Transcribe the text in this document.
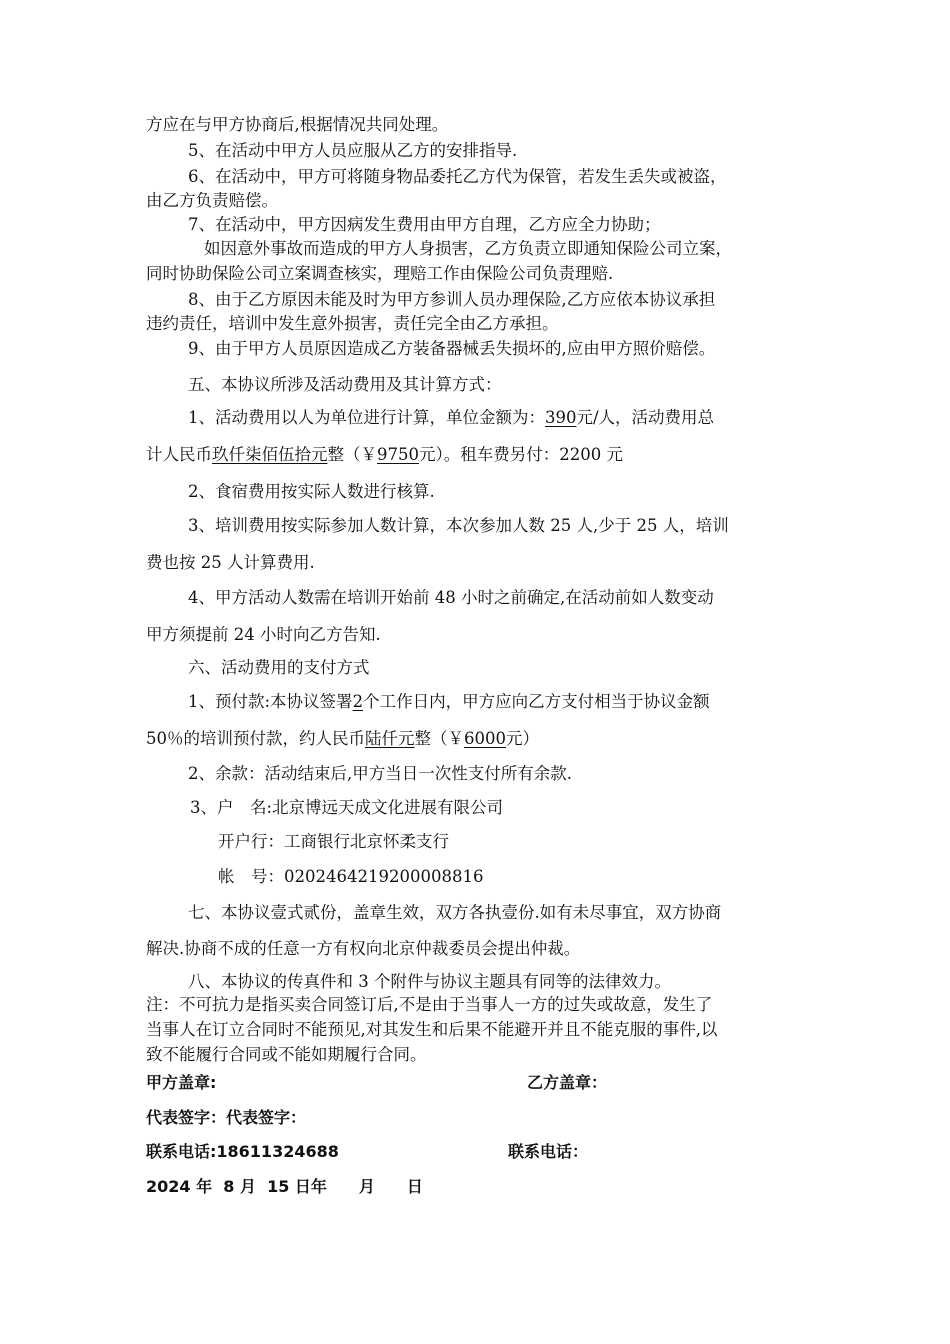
方应在与甲方协商后,根据情况共同处理。
5、在活动中甲方人员应服从乙方的安排指导.
6、在活动中，甲方可将随身物品委托乙方代为保管，若发生丢失或被盗，
由乙方负责赔偿。
7、在活动中，甲方因病发生费用由甲方自理，乙方应全力协助；
如因意外事故而造成的甲方人身损害，乙方负责立即通知保险公司立案，
同时协助保险公司立案调查核实，理赔工作由保险公司负责理赔.
8、由于乙方原因未能及时为甲方参训人员办理保险,乙方应依本协议承担
违约责任，培训中发生意外损害，责任完全由乙方承担。
9、由于甲方人员原因造成乙方装备器械丢失损坏的,应由甲方照价赔偿。
五、本协议所涉及活动费用及其计算方式：
1、活动费用以人为单位进行计算，单位金额为：390元/人，活动费用总
计人民币玖仟柒佰伍拾元整（￥9750元）。租车费另付：2200 元
2、食宿费用按实际人数进行核算.
3、培训费用按实际参加人数计算，本次参加人数 25 人,少于 25 人，培训
费也按 25 人计算费用.
4、甲方活动人数需在培训开始前 48 小时之前确定,在活动前如人数变动
甲方须提前 24 小时向乙方告知.
六、活动费用的支付方式
1、预付款:本协议签署2个工作日内，甲方应向乙方支付相当于协议金额
50％的培训预付款，约人民币陆仟元整（￥6000元）
2、余款：活动结束后,甲方当日一次性支付所有余款.
3、户　名:北京博远天成文化进展有限公司
开户行：工商银行北京怀柔支行
帐　号：0202464219200008816
七、本协议壹式贰份，盖章生效，双方各执壹份.如有未尽事宜，双方协商
解决.协商不成的任意一方有权向北京仲裁委员会提出仲裁。
八、本协议的传真件和 3 个附件与协议主题具有同等的法律效力。
注：不可抗力是指买卖合同签订后,不是由于当事人一方的过失或故意，发生了
当事人在订立合同时不能预见,对其发生和后果不能避开并且不能克服的事件,以
致不能履行合同或不能如期履行合同。
甲方盖章:	乙方盖章：
代表签字：代表签字：
联系电话:18611324688	联系电话：
2024 年  8 月  15 日年　　月　　日
